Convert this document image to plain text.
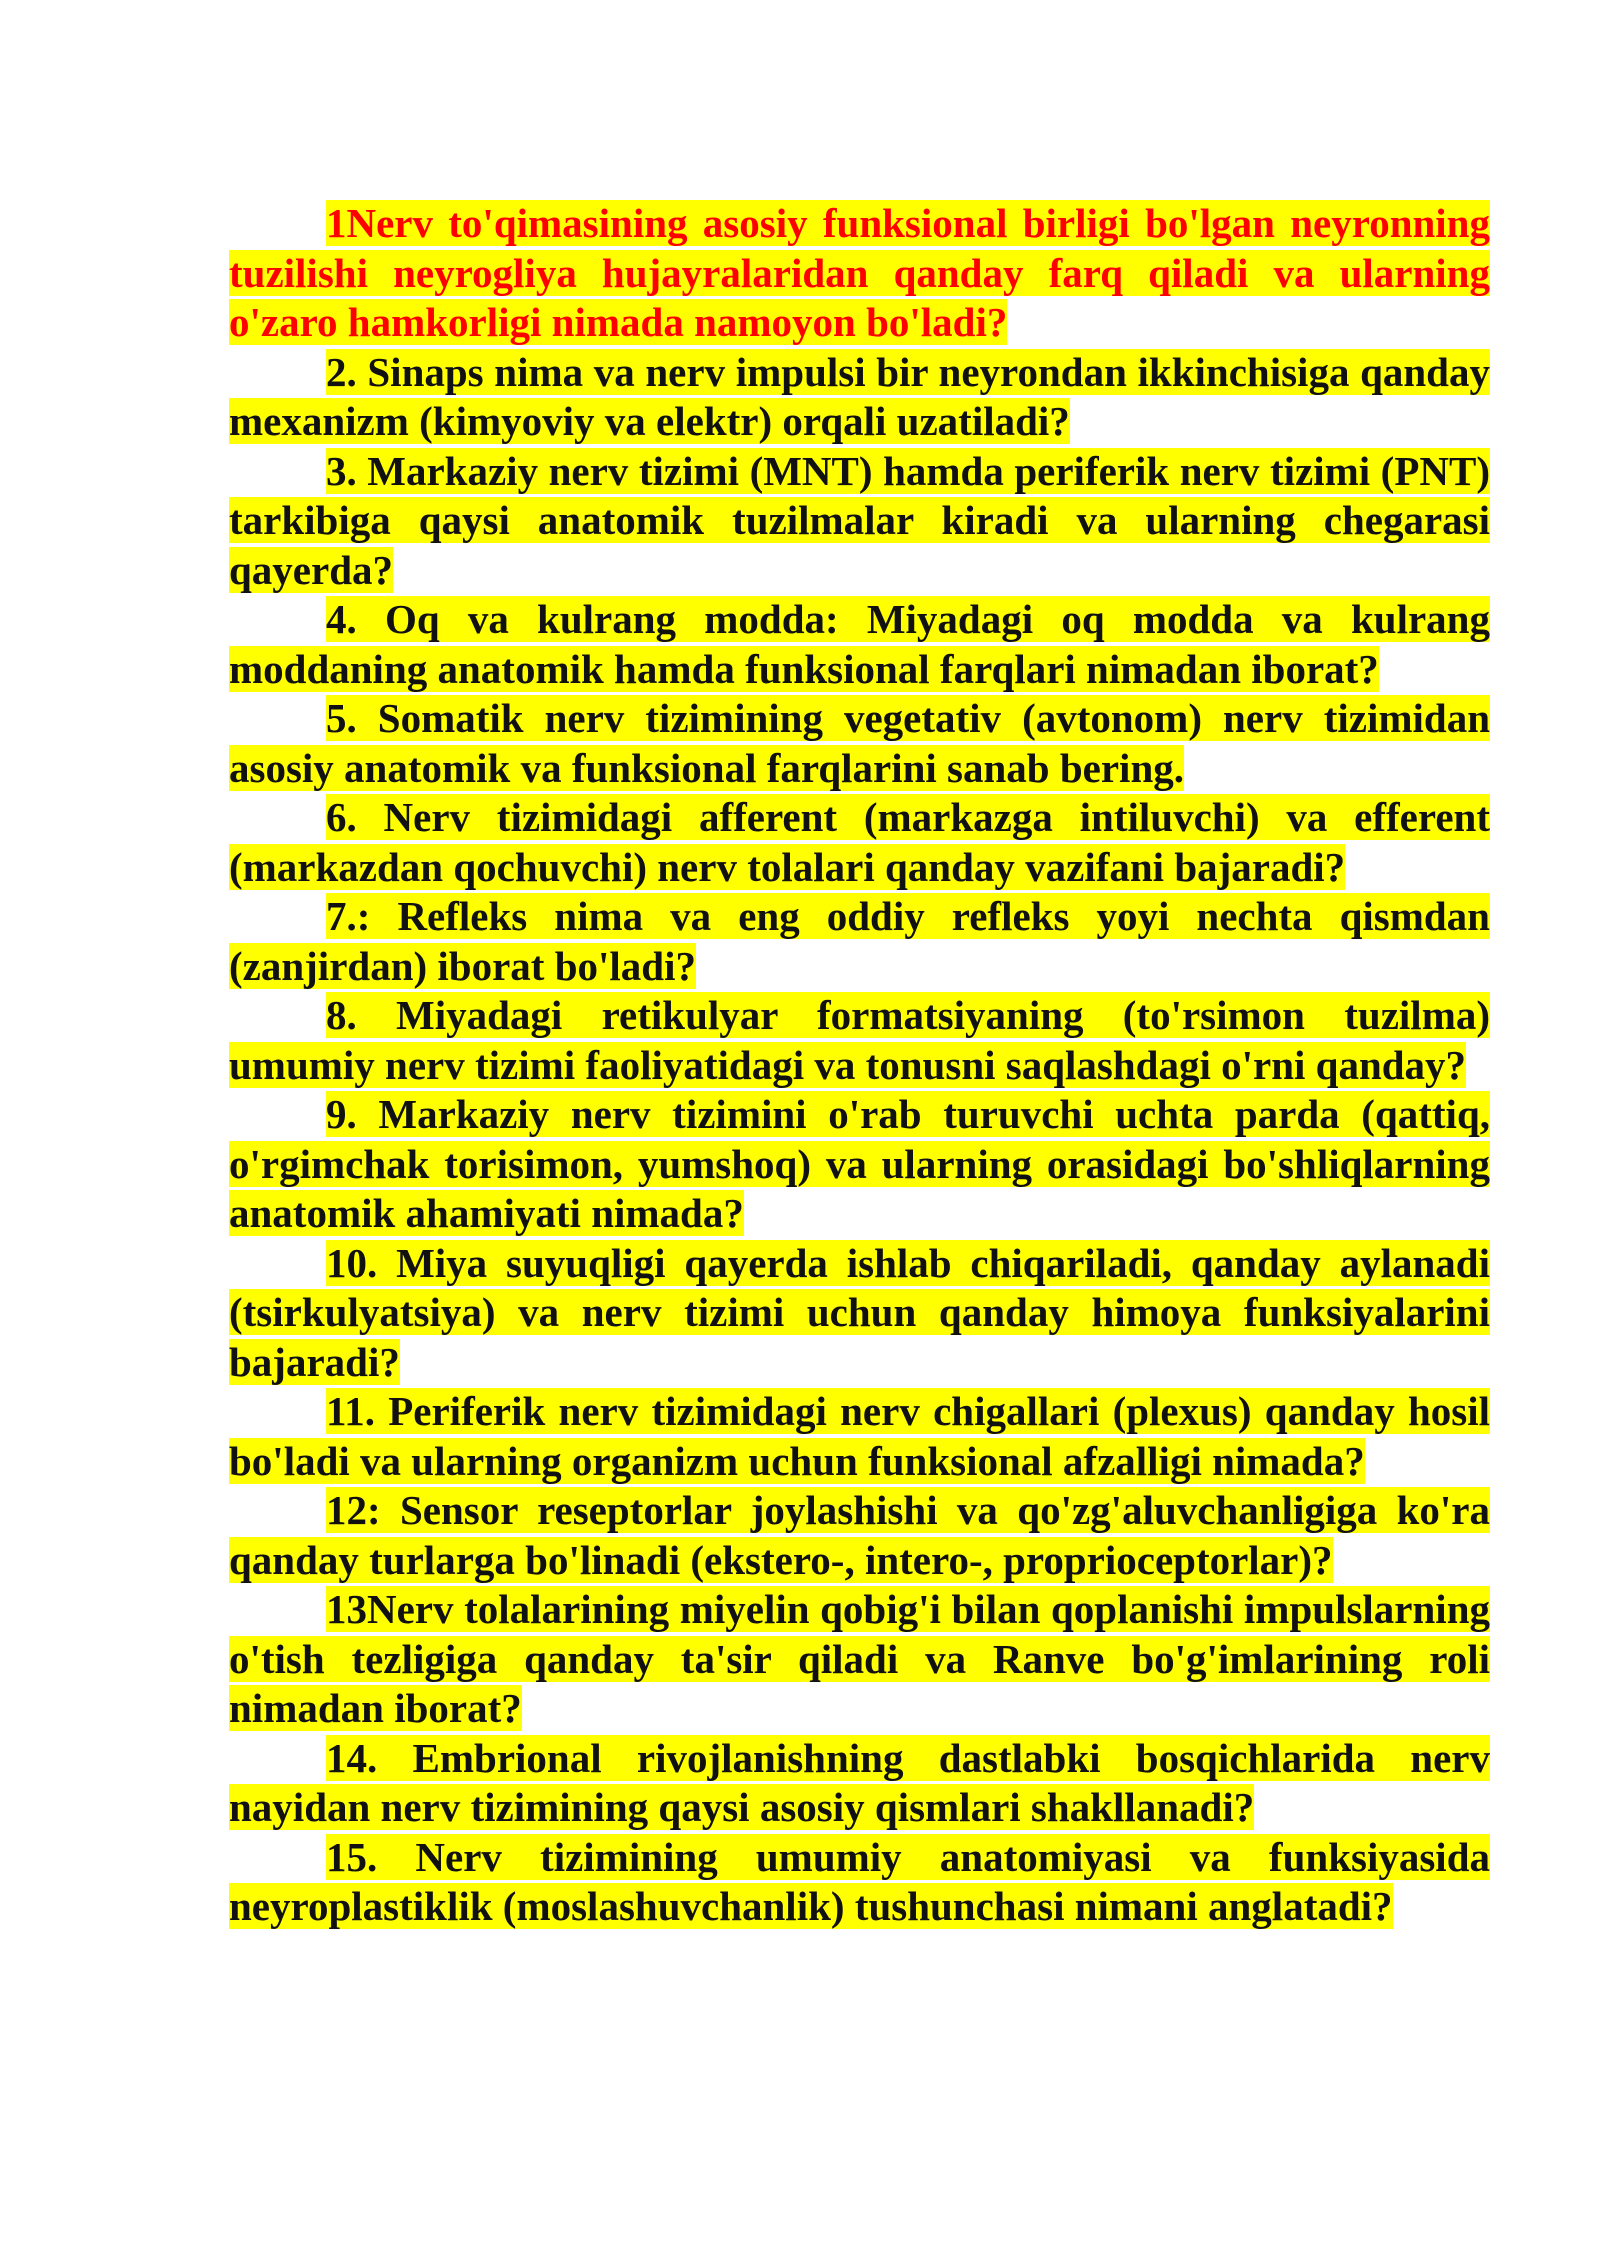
1Nerv to'qimasining asosiy funksional birligi bo'lgan neyronning tuzilishi neyrogliya hujayralaridan qanday farq qiladi va ularning o'zaro hamkorligi nimada namoyon bo'ladi?

2. Sinaps nima va nerv impulsi bir neyrondan ikkinchisiga qanday mexanizm (kimyoviy va elektr) orqali uzatiladi?

3. Markaziy nerv tizimi (MNT) hamda periferik nerv tizimi (PNT) tarkibiga qaysi anatomik tuzilmalar kiradi va ularning chegarasi qayerda?

4. Oq va kulrang modda: Miyadagi oq modda va kulrang moddaning anatomik hamda funksional farqlari nimadan iborat?

5. Somatik nerv tizimining vegetativ (avtonom) nerv tizimidan asosiy anatomik va funksional farqlarini sanab bering.

6. Nerv tizimidagi afferent (markazga intiluvchi) va efferent (markazdan qochuvchi) nerv tolalari qanday vazifani bajaradi?

7.: Refleks nima va eng oddiy refleks yoyi nechta qismdan (zanjirdan) iborat bo'ladi?

8. Miyadagi retikulyar formatsiyaning (to'rsimon tuzilma) umumiy nerv tizimi faoliyatidagi va tonusni saqlashdagi o'rni qanday?

9. Markaziy nerv tizimini o'rab turuvchi uchta parda (qattiq, o'rgimchak torisimon, yumshoq) va ularning orasidagi bo'shliqlarning anatomik ahamiyati nimada?

10. Miya suyuqligi qayerda ishlab chiqariladi, qanday aylanadi (tsirkulyatsiya) va nerv tizimi uchun qanday himoya funksiyalarini bajaradi?

11. Periferik nerv tizimidagi nerv chigallari (plexus) qanday hosil bo'ladi va ularning organizm uchun funksional afzalligi nimada?

12: Sensor reseptorlar joylashishi va qo'zg'aluvchanligiga ko'ra qanday turlarga bo'linadi (ekstero-, intero-, proprioceptorlar)?

13Nerv tolalarining miyelin qobig'i bilan qoplanishi impulslarning o'tish tezligiga qanday ta'sir qiladi va Ranve bo'g'imlarining roli nimadan iborat?

14. Embrional rivojlanishning dastlabki bosqichlarida nerv nayidan nerv tizimining qaysi asosiy qismlari shakllanadi?

15. Nerv tizimining umumiy anatomiyasi va funksiyasida neyroplastiklik (moslashuvchanlik) tushunchasi nimani anglatadi?
